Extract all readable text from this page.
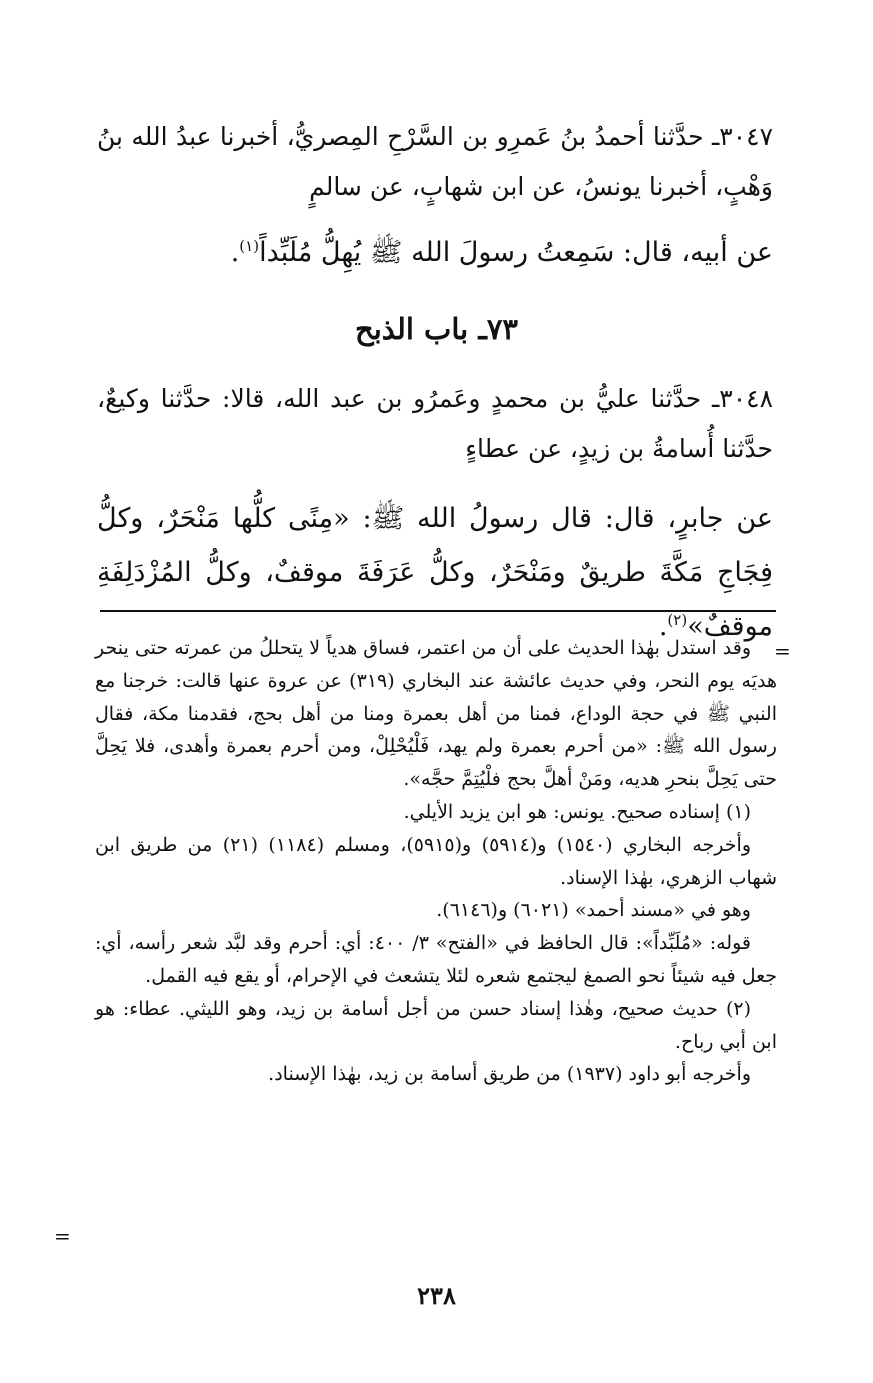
٣٠٤٧ـ حدَّثنا أحمدُ بنُ عَمرِو بن السَّرْحِ المِصريُّ، أخبرنا عبدُ الله بنُ وَهْبٍ، أخبرنا يونسُ، عن ابن شهابٍ، عن سالمٍ
عن أبيه، قال: سَمِعتُ رسولَ الله ﷺ يُهِلُّ مُلَبِّداً$^{(١)}$.
٧٣ـ باب الذبح
٣٠٤٨ـ حدَّثنا عليُّ بن محمدٍ وعَمرُو بن عبد الله، قالا: حدَّثنا وكيعٌ، حدَّثنا أُسامةُ بن زيدٍ، عن عطاءٍ
عن جابرٍ، قال: قال رسولُ الله ﷺ: «مِنًى كلُّها مَنْحَرٌ، وكلُّ فِجَاجِ مَكَّةَ طريقٌ ومَنْحَرٌ، وكلُّ عَرَفَةَ موقفٌ، وكلُّ المُزْدَلِفَةِ موقفٌ»$^{(٢)}$.
=

وقد استدل بهٰذا الحديث على أن من اعتمر، فساق هدياً لا يتحللُ من عمرته حتى ينحر هديَه يوم النحر، وفي حديث عائشة عند البخاري (٣١٩) عن عروة عنها قالت: خرجنا مع النبي ﷺ في حجة الوداع، فمنا من أهل بعمرة ومنا من أهل بحج، فقدمنا مكة، فقال رسول الله ﷺ: «من أحرم بعمرة ولم يهد، فَلْيُحْلِلْ، ومن أحرم بعمرة وأهدى، فلا يَحِلَّ حتى يَحِلَّ بنحرِ هديه، ومَنْ أهلَّ بحج فلْيُتِمَّ حجَّه».

(١) إسناده صحيح. يونس: هو ابن يزيد الأيلي.

وأخرجه البخاري (١٥٤٠) و(٥٩١٤) و(٥٩١٥)، ومسلم (١١٨٤) (٢١) من طريق ابن شهاب الزهري، بهٰذا الإسناد.

وهو في «مسند أحمد» (٦٠٢١) و(٦١٤٦).

قوله: «مُلَبِّداً»: قال الحافظ في «الفتح» ٣/ ٤٠٠: أي: أحرم وقد لبَّد شعر رأسه، أي: جعل فيه شيئاً نحو الصمغ ليجتمع شعره لئلا يتشعث في الإحرام، أو يقع فيه القمل.

(٢) حديث صحيح، وهٰذا إسناد حسن من أجل أسامة بن زيد، وهو الليثي. عطاء: هو ابن أبي رباح.

وأخرجه أبو داود (١٩٣٧) من طريق أسامة بن زيد، بهٰذا الإسناد.

=
٢٣٨
